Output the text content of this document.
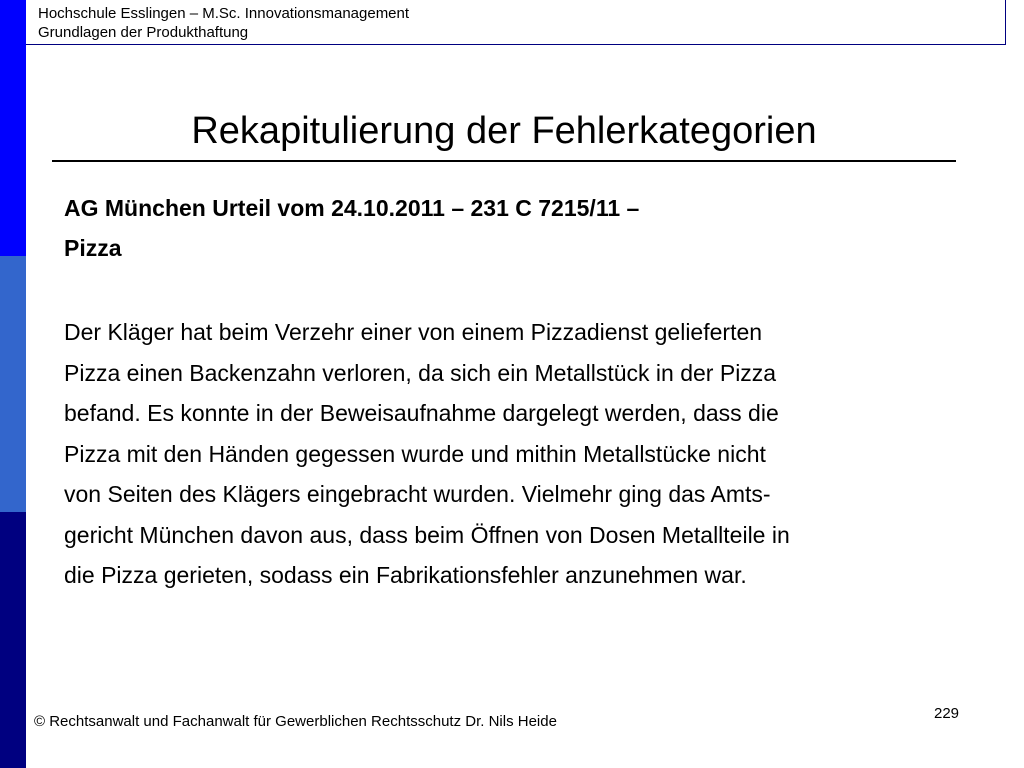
Hochschule Esslingen – M.Sc. Innovationsmanagement
Grundlagen der Produkthaftung
Rekapitulierung der Fehlerkategorien
AG München Urteil vom 24.10.2011 – 231 C 7215/11 –
Pizza
Der Kläger hat beim Verzehr einer von einem Pizzadienst gelieferten
Pizza einen Backenzahn verloren, da sich ein Metallstück in der Pizza
befand. Es konnte in der Beweisaufnahme dargelegt werden, dass die
Pizza mit den Händen gegessen wurde und mithin Metallstücke nicht
von Seiten des Klägers eingebracht wurden. Vielmehr ging das Amts-
gericht München davon aus, dass beim Öffnen von Dosen Metallteile in
die Pizza gerieten, sodass ein Fabrikationsfehler anzunehmen war.
© Rechtsanwalt und Fachanwalt für Gewerblichen Rechtsschutz Dr. Nils Heide	229
